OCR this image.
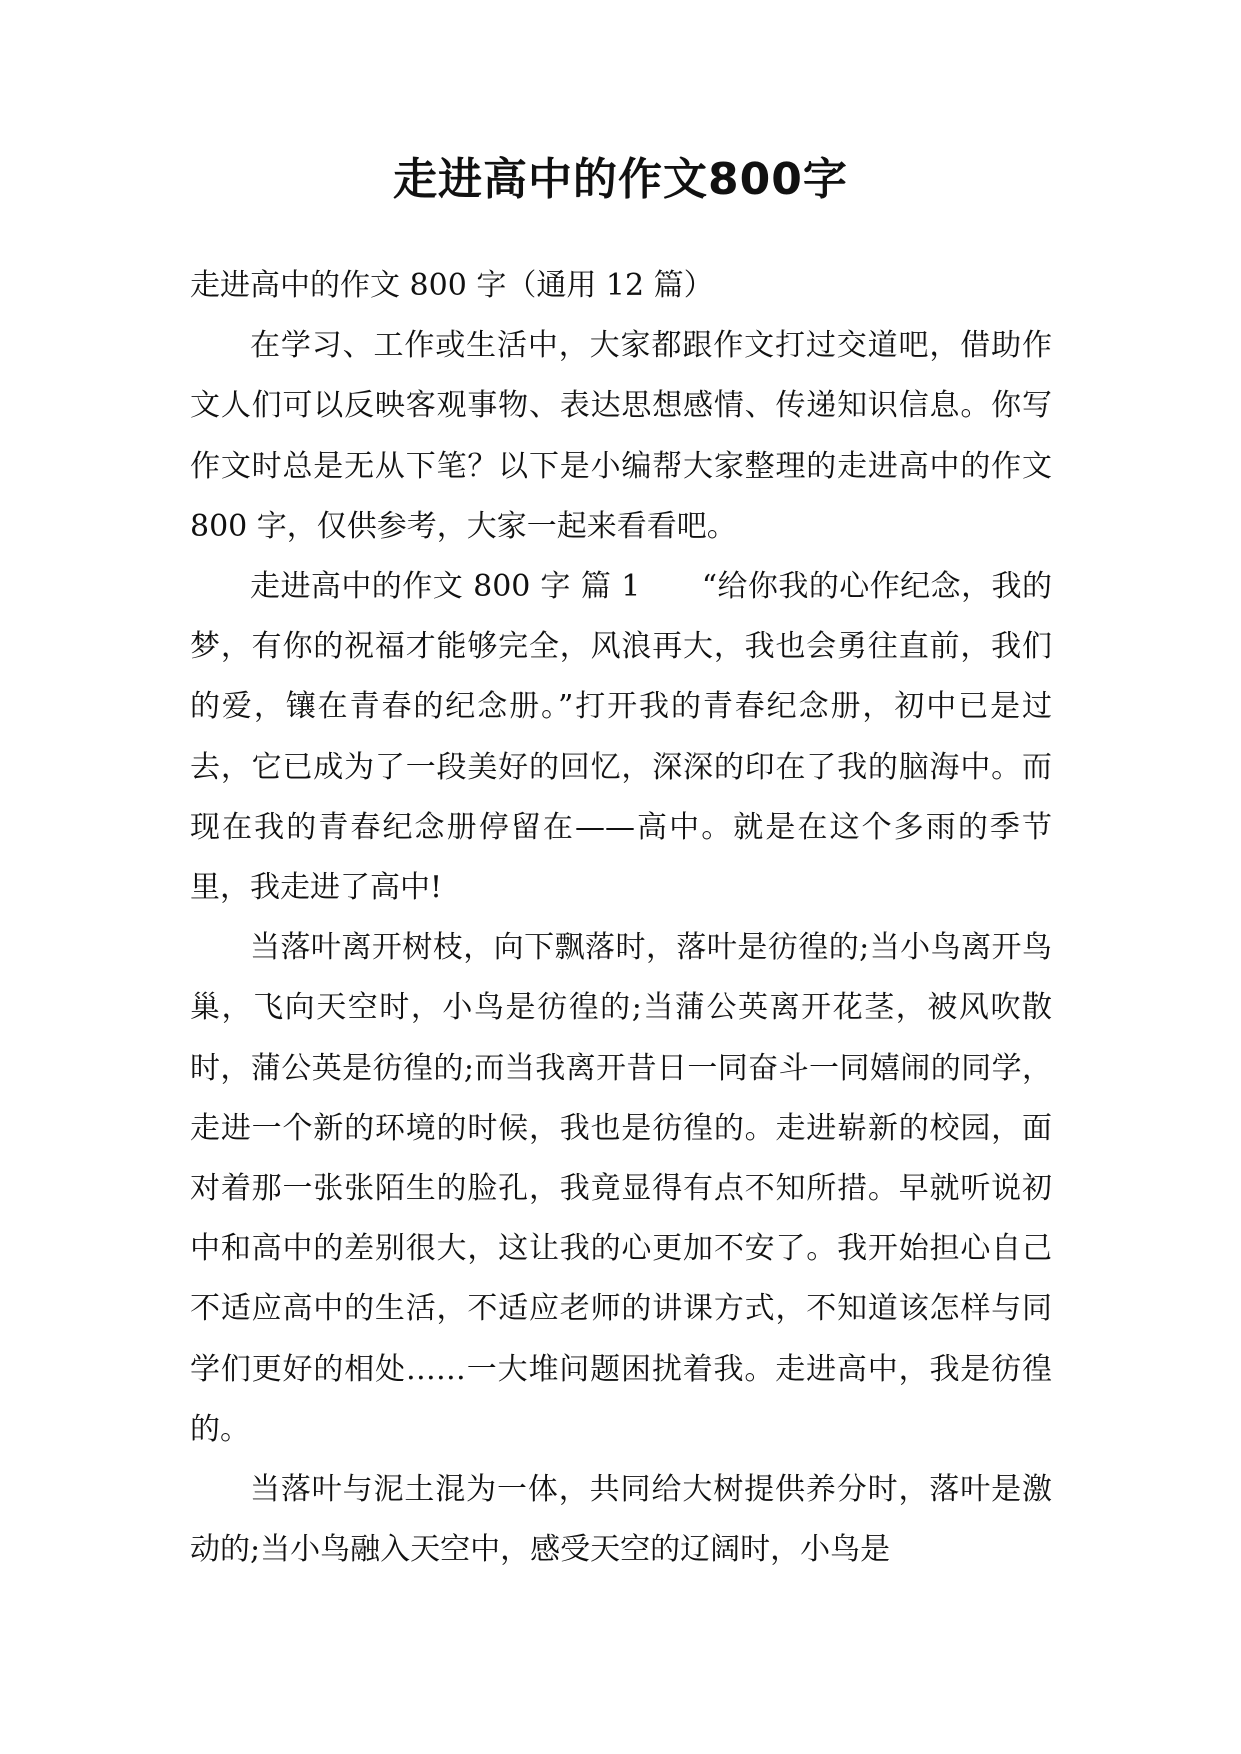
走进高中的作文800字

走进高中的作文 800 字（通用 12 篇）

在学习、工作或生活中，大家都跟作文打过交道吧，借助作文人们可以反映客观事物、表达思想感情、传递知识信息。你写作文时总是无从下笔？以下是小编帮大家整理的走进高中的作文 800 字，仅供参考，大家一起来看看吧。

走进高中的作文 800 字 篇 1　　“给你我的心作纪念，我的梦，有你的祝福才能够完全，风浪再大，我也会勇往直前，我们的爱，镶在青春的纪念册。”打开我的青春纪念册，初中已是过去，它已成为了一段美好的回忆，深深的印在了我的脑海中。而现在我的青春纪念册停留在——高中。就是在这个多雨的季节里，我走进了高中!

当落叶离开树枝，向下飘落时，落叶是彷徨的;当小鸟离开鸟巢，飞向天空时，小鸟是彷徨的;当蒲公英离开花茎，被风吹散时，蒲公英是彷徨的;而当我离开昔日一同奋斗一同嬉闹的同学，走进一个新的环境的时候，我也是彷徨的。走进崭新的校园，面对着那一张张陌生的脸孔，我竟显得有点不知所措。早就听说初中和高中的差别很大，这让我的心更加不安了。我开始担心自己不适应高中的生活，不适应老师的讲课方式，不知道该怎样与同学们更好的相处……一大堆问题困扰着我。走进高中，我是彷徨的。

当落叶与泥土混为一体，共同给大树提供养分时，落叶是激动的;当小鸟融入天空中，感受天空的辽阔时，小鸟是
